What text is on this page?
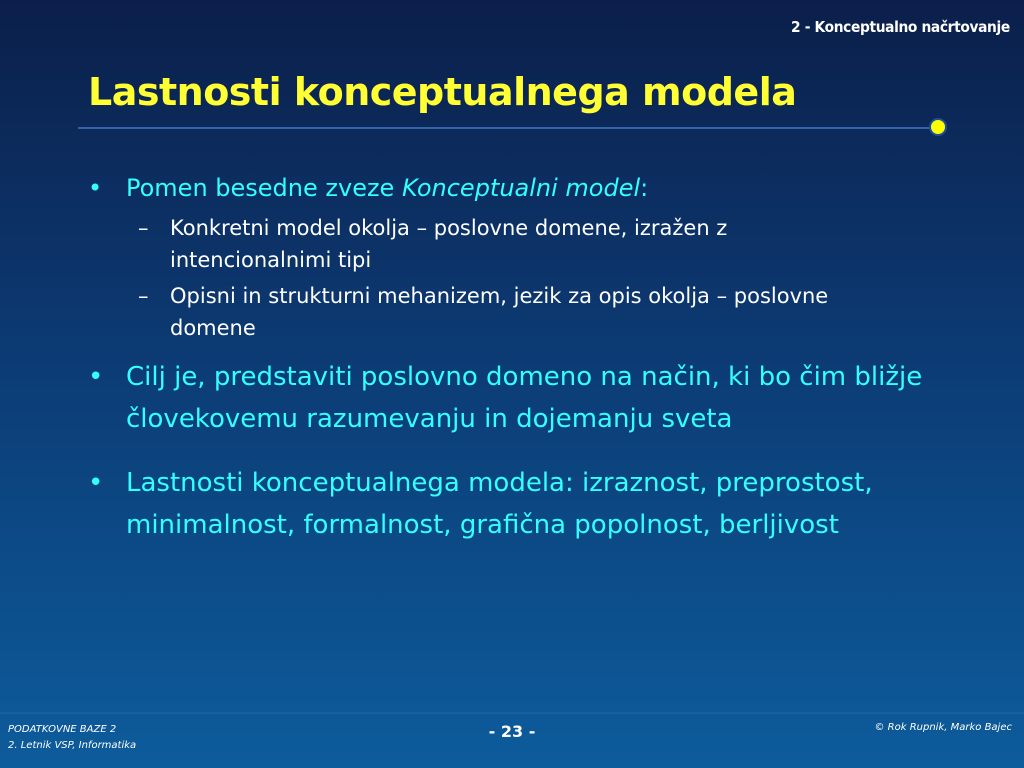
2 - Konceptualno načrtovanje
Lastnosti konceptualnega modela
• Pomen besedne zveze Konceptualni model:
– Konkretni model okolja – poslovne domene, izražen z intencionalnimi tipi
– Opisni in strukturni mehanizem, jezik za opis okolja – poslovne domene
• Cilj je, predstaviti poslovno domeno na način, ki bo čim bližje človekovemu razumevanju in dojemanju sveta
• Lastnosti konceptualnega modela: izraznost, preprostost, minimalnost, formalnost, grafična popolnost, berljivost
PODATKOVNE BAZE 2
2. Letnik VSP, Informatika
- 23 -	© Rok Rupnik, Marko Bajec
